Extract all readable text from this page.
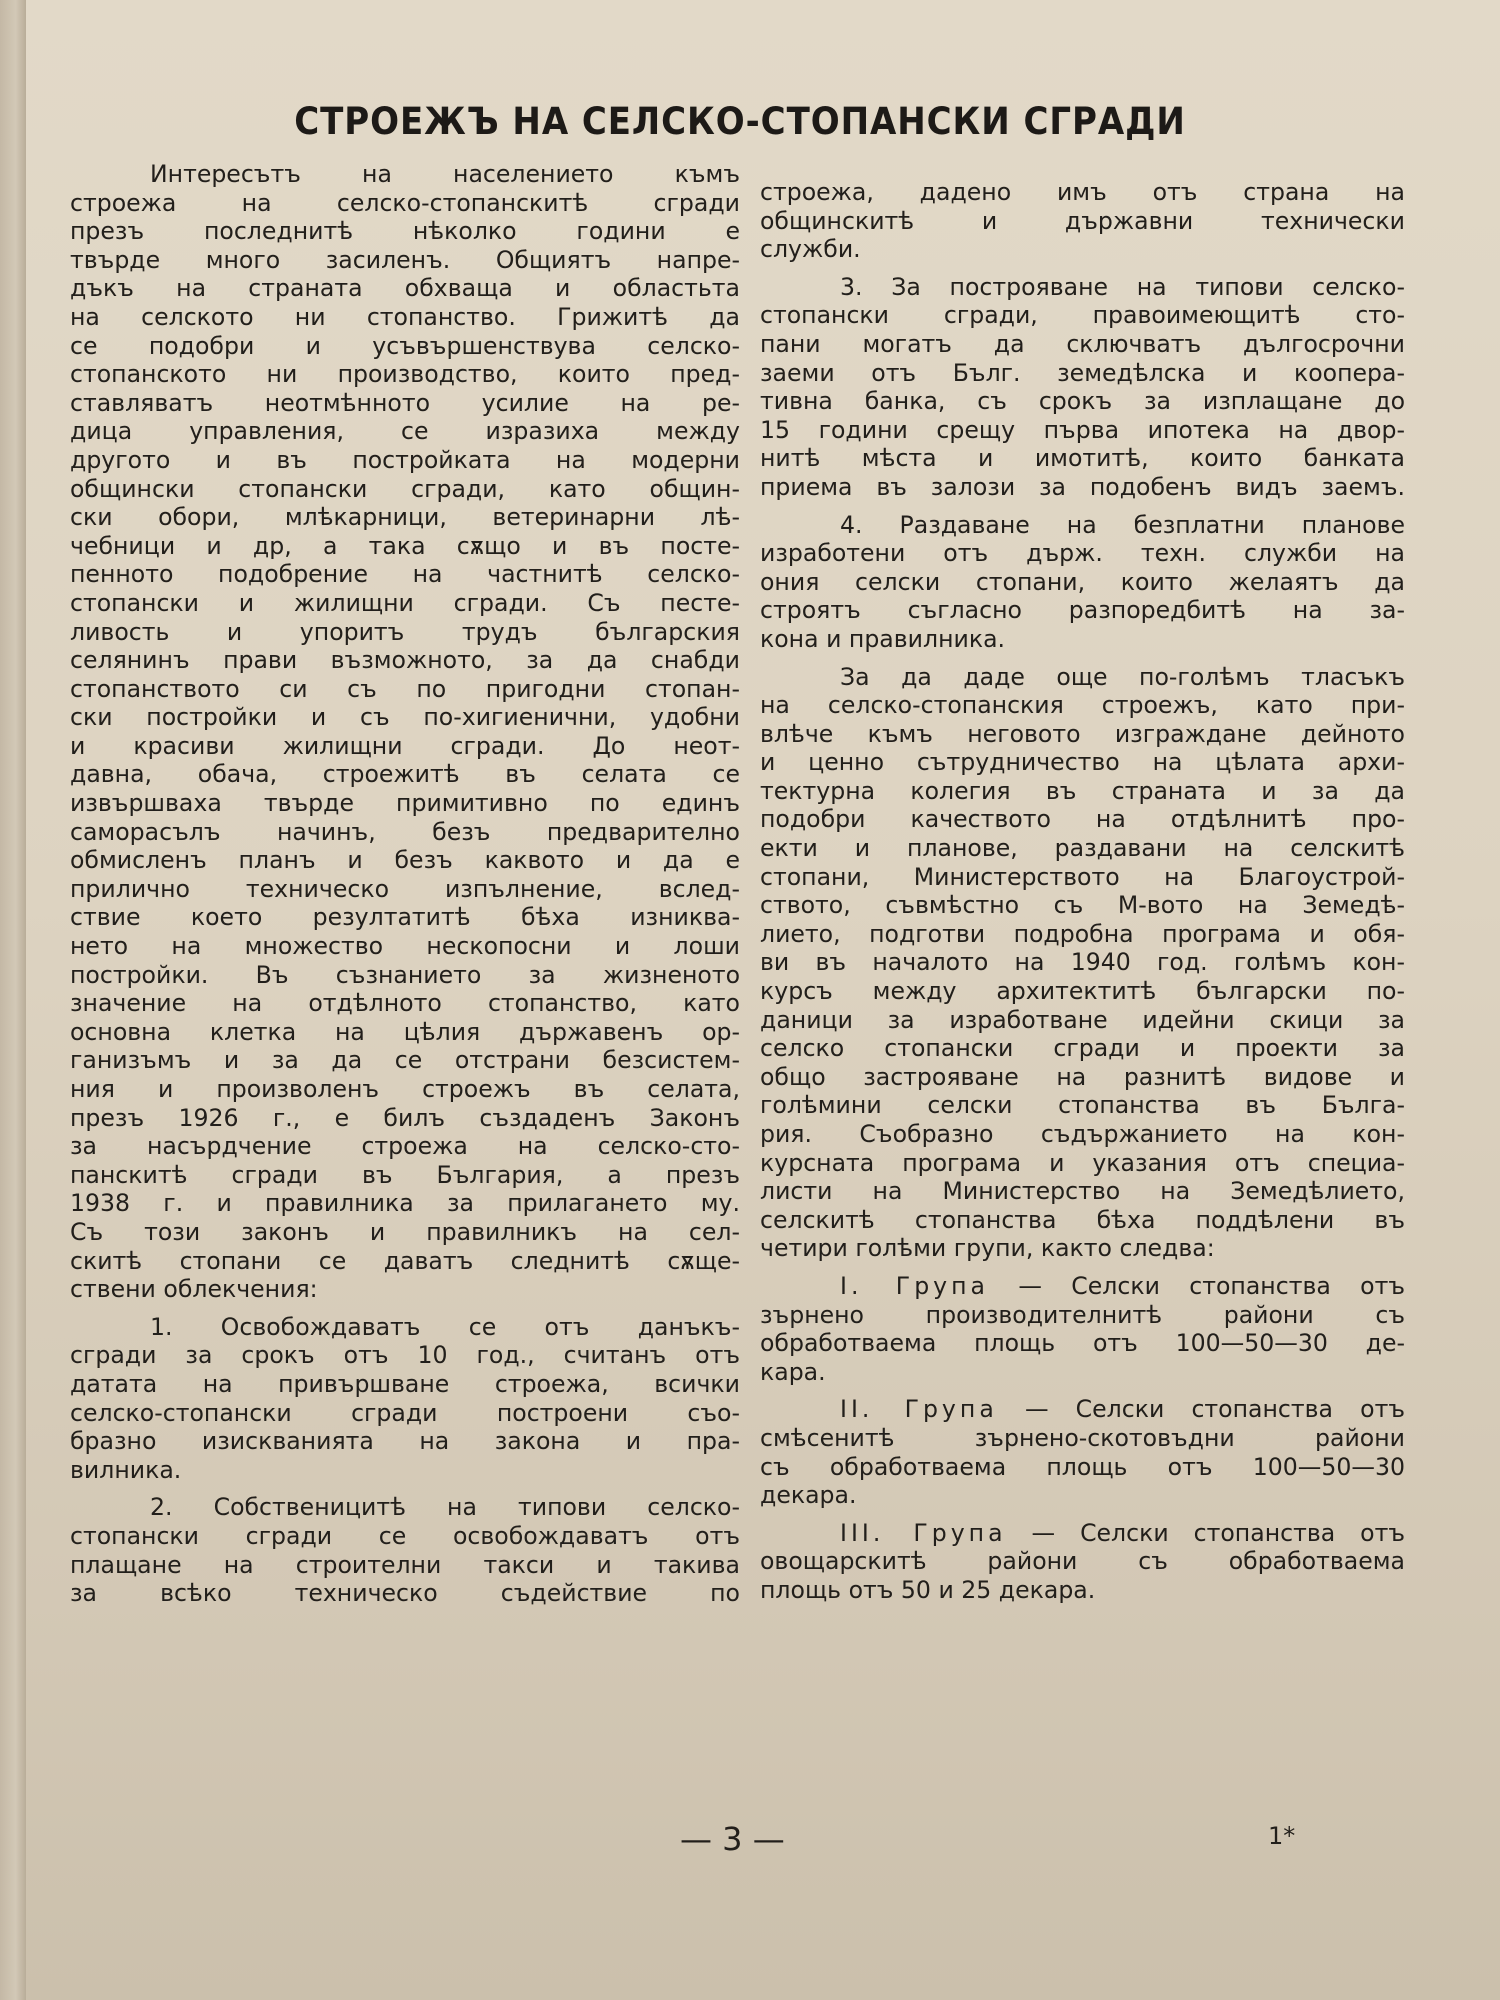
СТРОЕЖЪ НА СЕЛСКО-СТОПАНСКИ СГРАДИ
Интересътъ на населението къмъ
строежа на селско-стопанскитѣ сгради
презъ последнитѣ нѣколко години е
твърде много засиленъ. Общиятъ напре-
дъкъ на страната обхваща и областьта
на селското ни стопанство. Грижитѣ да
се подобри и усъвършенствува селско-
стопанското ни производство, които пред-
ставляватъ неотмѣнното усилие на ре-
дица управления, се изразиха между
другото и въ постройката на модерни
общински стопански сгради, като общин-
ски обори, млѣкарници, ветеринарни лѣ-
чебници и др, а така сѫщо и въ посте-
пенното подобрение на частнитѣ селско-
стопански и жилищни сгради. Съ песте-
ливость и упоритъ трудъ българския
селянинъ прави възможното, за да снабди
стопанството си съ по пригодни стопан-
ски постройки и съ по-хигиенични, удобни
и красиви жилищни сгради. До неот-
давна, обача, строежитѣ въ селата се
извършваха твърде примитивно по единъ
саморасълъ начинъ, безъ предварително
обмисленъ планъ и безъ каквото и да е
прилично техническо изпълнение, вслед-
ствие което резултатитѣ бѣха изниква-
нето на множество нескопосни и лоши
постройки. Въ съзнанието за жизненото
значение на отдѣлното стопанство, като
основна клетка на цѣлия държавенъ ор-
ганизъмъ и за да се отстрани безсистем-
ния и произволенъ строежъ въ селата,
презъ 1926 г., е билъ създаденъ Законъ
за насърдчение строежа на селско-сто-
панскитѣ сгради въ България, а презъ
1938 г. и правилника за прилагането му.
Съ този законъ и правилникъ на сел-
скитѣ стопани се даватъ следнитѣ сѫще-
ствени облекчения:
1. Освобождаватъ се отъ данъкъ-
сгради за срокъ отъ 10 год., считанъ отъ
датата на привършване строежа, всички
селско-стопански сгради построени съо-
бразно изискванията на закона и пра-
вилника.
2. Собственицитѣ на типови селско-
стопански сгради се освобождаватъ отъ
плащане на строителни такси и такива
за всѣко техническо съдействие по
строежа, дадено имъ отъ страна на
общинскитѣ и държавни технически
служби.
3. За построяване на типови селско-
стопански сгради, правоимеющитѣ сто-
пани могатъ да сключватъ дългосрочни
заеми отъ Бълг. земедѣлска и коопера-
тивна банка, съ срокъ за изплащане до
15 години срещу първа ипотека на двор-
нитѣ мѣста и имотитѣ, които банката
приема въ залози за подобенъ видъ заемъ.
4. Раздаване на безплатни планове
изработени отъ държ. техн. служби на
ония селски стопани, които желаятъ да
строятъ съгласно разпоредбитѣ на за-
кона и правилника.
За да даде още по-голѣмъ тласъкъ
на селско-стопанския строежъ, като при-
влѣче къмъ неговото изграждане дейното
и ценно сътрудничество на цѣлата архи-
тектурна колегия въ страната и за да
подобри качеството на отдѣлнитѣ про-
екти и планове, раздавани на селскитѣ
стопани, Министерството на Благоустрой-
ството, съвмѣстно съ М-вото на Земедѣ-
лието, подготви подробна програма и обя-
ви въ началото на 1940 год. голѣмъ кон-
курсъ между архитектитѣ български по-
даници за изработване идейни скици за
селско стопански сгради и проекти за
общо застрояване на разнитѣ видове и
голѣмини селски стопанства въ Бълга-
рия. Съобразно съдържанието на кон-
курсната програма и указания отъ специа-
листи на Министерство на Земедѣлието,
селскитѣ стопанства бѣха поддѣлени въ
четири голѣми групи, както следва:
I. Група — Селски стопанства отъ
зърнено производителнитѣ райони съ
обработваема площь отъ 100—50—30 де-
кара.
II. Група — Селски стопанства отъ
смѣсенитѣ зърнено-скотовъдни райони
съ обработваема площь отъ 100—50—30
декара.
III. Група — Селски стопанства отъ
овощарскитѣ райони съ обработваема
площь отъ 50 и 25 декара.
— 3 —	1*
